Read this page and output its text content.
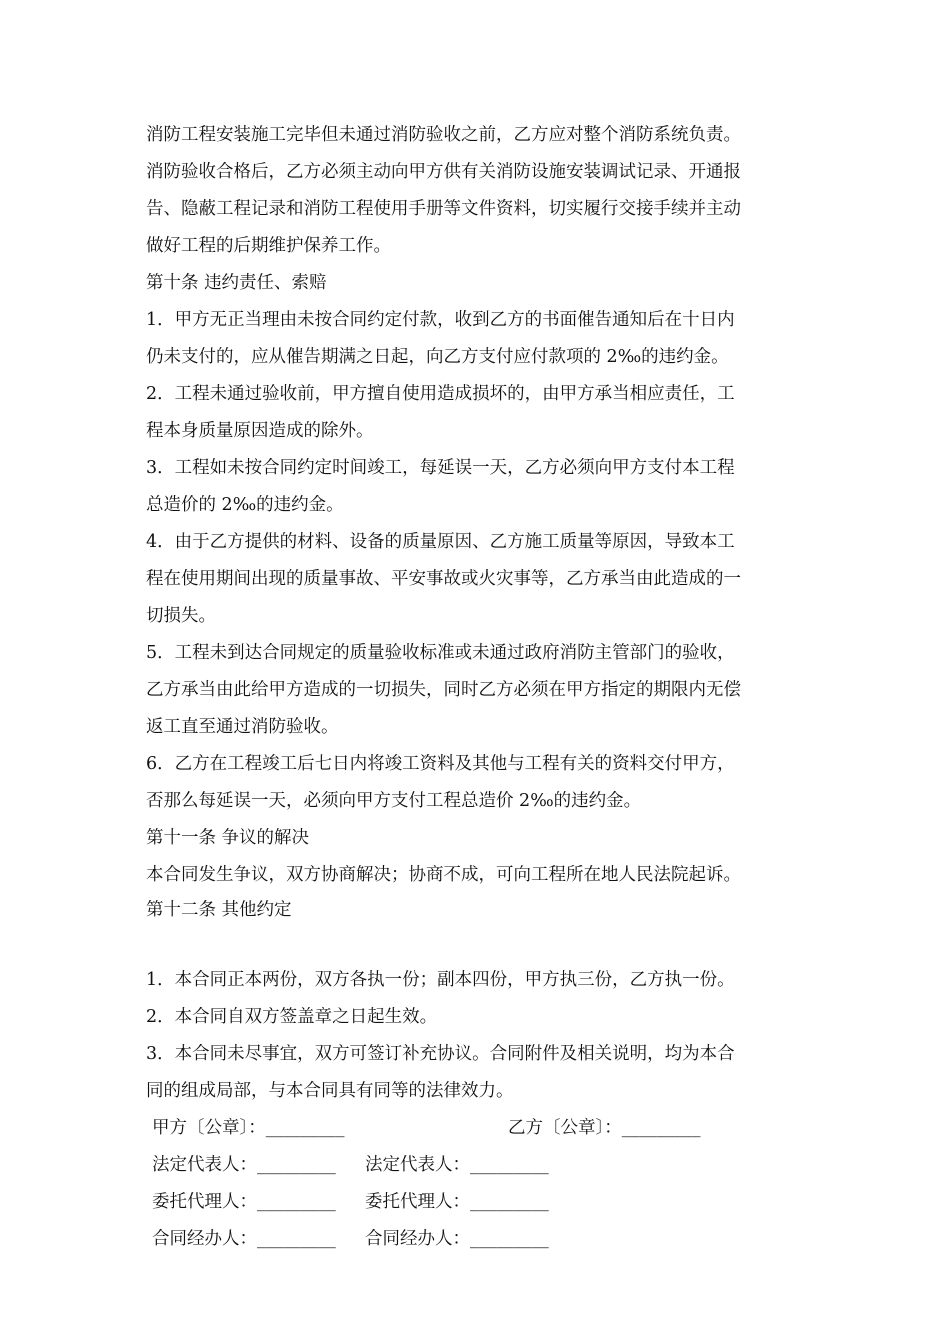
消防工程安装施工完毕但未通过消防验收之前，乙方应对整个消防系统负责。
消防验收合格后，乙方必须主动向甲方供有关消防设施安装调试记录、开通报
告、隐蔽工程记录和消防工程使用手册等文件资料，切实履行交接手续并主动
做好工程的后期维护保养工作。
第十条 违约责任、索赔
1．甲方无正当理由未按合同约定付款，收到乙方的书面催告通知后在十日内
仍未支付的，应从催告期满之日起，向乙方支付应付款项的 2‰的违约金。
2．工程未通过验收前，甲方擅自使用造成损坏的，由甲方承当相应责任，工
程本身质量原因造成的除外。
3．工程如未按合同约定时间竣工，每延误一天，乙方必须向甲方支付本工程
总造价的 2‰的违约金。
4．由于乙方提供的材料、设备的质量原因、乙方施工质量等原因，导致本工
程在使用期间出现的质量事故、平安事故或火灾事等，乙方承当由此造成的一
切损失。
5．工程未到达合同规定的质量验收标准或未通过政府消防主管部门的验收，
乙方承当由此给甲方造成的一切损失，同时乙方必须在甲方指定的期限内无偿
返工直至通过消防验收。
6．乙方在工程竣工后七日内将竣工资料及其他与工程有关的资料交付甲方，
否那么每延误一天，必须向甲方支付工程总造价 2‰的违约金。
第十一条 争议的解决
本合同发生争议，双方协商解决；协商不成，可向工程所在地人民法院起诉。
第十二条 其他约定
1．本合同正本两份，双方各执一份；副本四份，甲方执三份，乙方执一份。
2．本合同自双方签盖章之日起生效。
3．本合同未尽事宜，双方可签订补充协议。合同附件及相关说明，均为本合
同的组成局部，与本合同具有同等的法律效力。
甲方〔公章〕：_________	乙方〔公章〕：_________
法定代表人：_________ 法定代表人：_________
委托代理人：_________ 委托代理人：_________
合同经办人：_________ 合同经办人：_________
